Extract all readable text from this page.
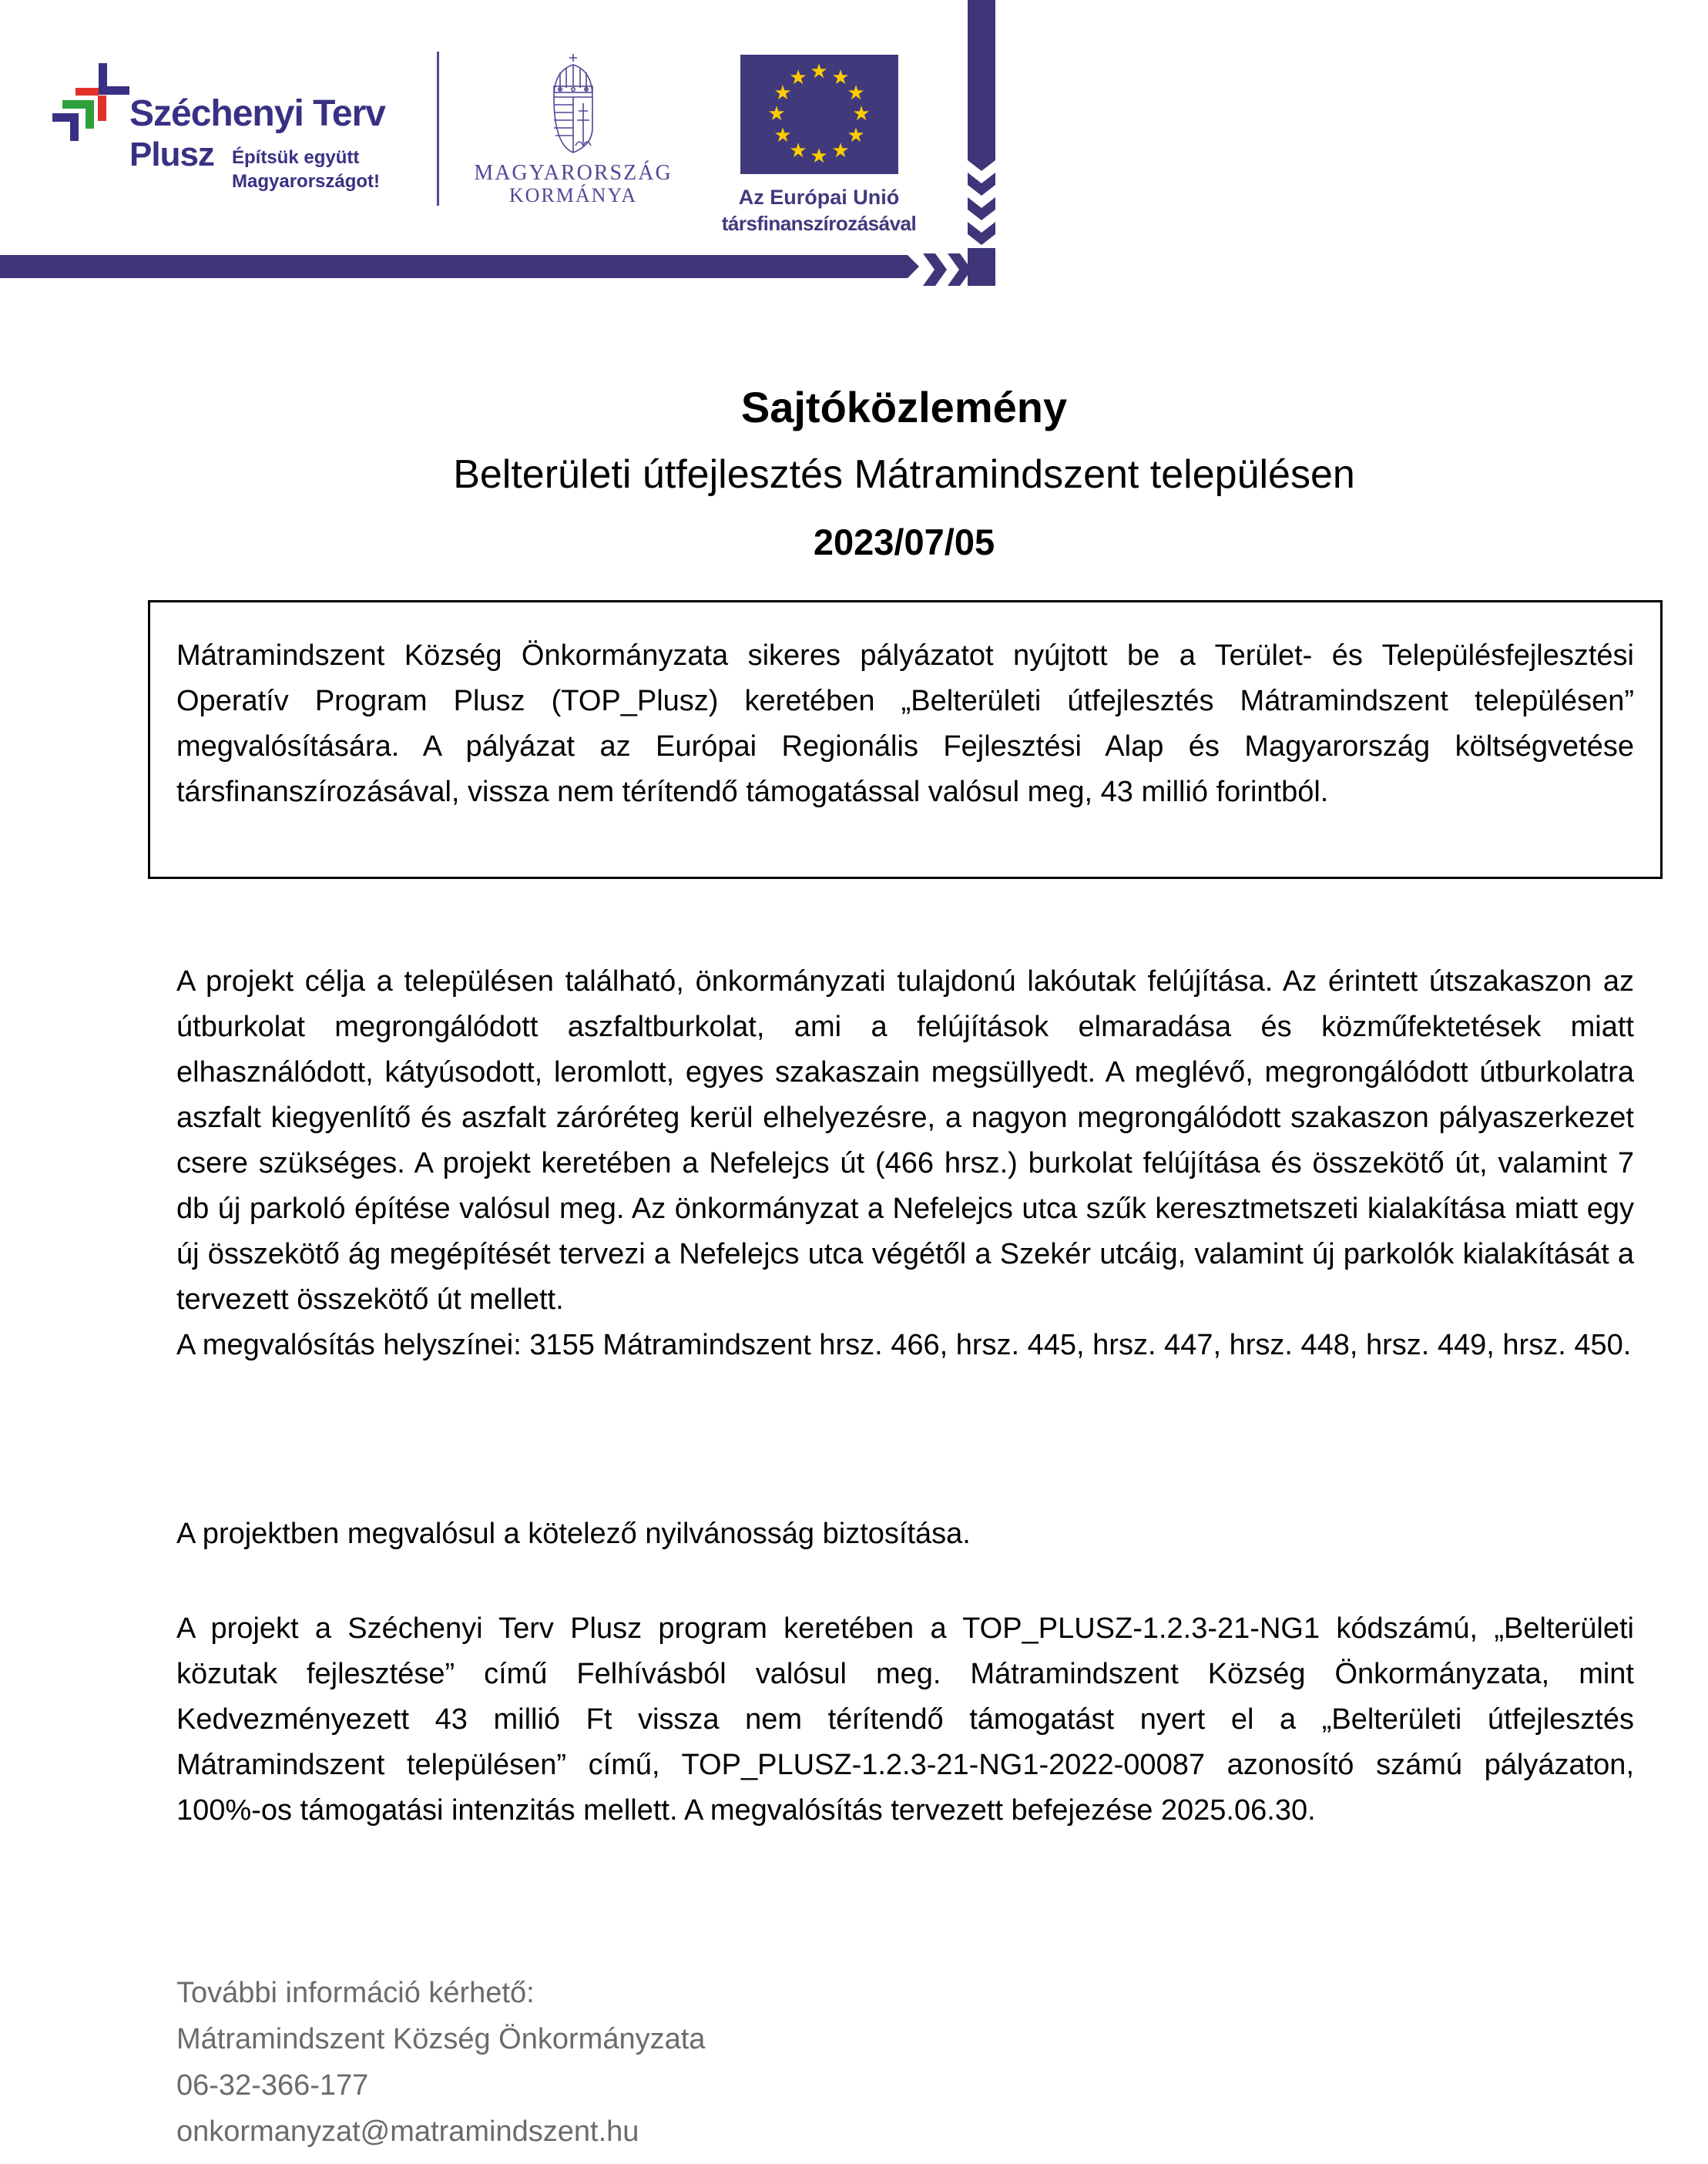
Széchenyi Terv
Plusz Építsük együtt
Magyarországot!	MAGYARORSZÁG
KORMÁNYA
★ ★
★
★
★
★
★
★
★
★
★
★
Az Európai Unió
társfinanszírozásával
Sajtóközlemény
Belterületi útfejlesztés Mátramindszent településen
2023/07/05

Mátramindszent Község Önkormányzata sikeres pályázatot nyújtott be a Terület- és Településfejlesztési Operatív Program Plusz (TOP_Plusz) keretében „Belterületi útfejlesztés Mátramindszent településen” megvalósítására. A pályázat az Európai Regionális Fejlesztési Alap és Magyarország költségvetése társfinanszírozásával, vissza nem térítendő támogatással valósul meg, 43 millió forintból.

A projekt célja a településen található, önkormányzati tulajdonú lakóutak felújítása. Az érintett útszakaszon az útburkolat megrongálódott aszfaltburkolat, ami a felújítások elmaradása és közműfektetések miatt elhasználódott, kátyúsodott, leromlott, egyes szakaszain megsüllyedt. A meglévő, megrongálódott útburkolatra aszfalt kiegyenlítő és aszfalt záróréteg kerül elhelyezésre, a nagyon megrongálódott szakaszon pályaszerkezet csere szükséges. A projekt keretében a Nefelejcs út (466 hrsz.) burkolat felújítása és összekötő út, valamint 7 db új parkoló építése valósul meg. Az önkormányzat a Nefelejcs utca szűk keresztmetszeti kialakítása miatt egy új összekötő ág megépítését tervezi a Nefelejcs utca végétől a Szekér utcáig, valamint új parkolók kialakítását a tervezett összekötő út mellett.

A megvalósítás helyszínei: 3155 Mátramindszent hrsz. 466, hrsz. 445, hrsz. 447, hrsz. 448, hrsz. 449, hrsz. 450.

A projektben megvalósul a kötelező nyilvánosság biztosítása.

A projekt a Széchenyi Terv Plusz program keretében a TOP_PLUSZ-1.2.3-21-NG1 kódszámú, „Belterületi közutak fejlesztése” című Felhívásból valósul meg. Mátramindszent Község Önkormányzata, mint Kedvezményezett 43 millió Ft vissza nem térítendő támogatást nyert el a „Belterületi útfejlesztés Mátramindszent településen” című, TOP_PLUSZ-1.2.3-21-NG1-2022-00087 azonosító számú pályázaton, 100%-os támogatási intenzitás mellett. A megvalósítás tervezett befejezése 2025.06.30.

További információ kérhető:
Mátramindszent Község Önkormányzata
06-32-366-177
onkormanyzat@matramindszent.hu
